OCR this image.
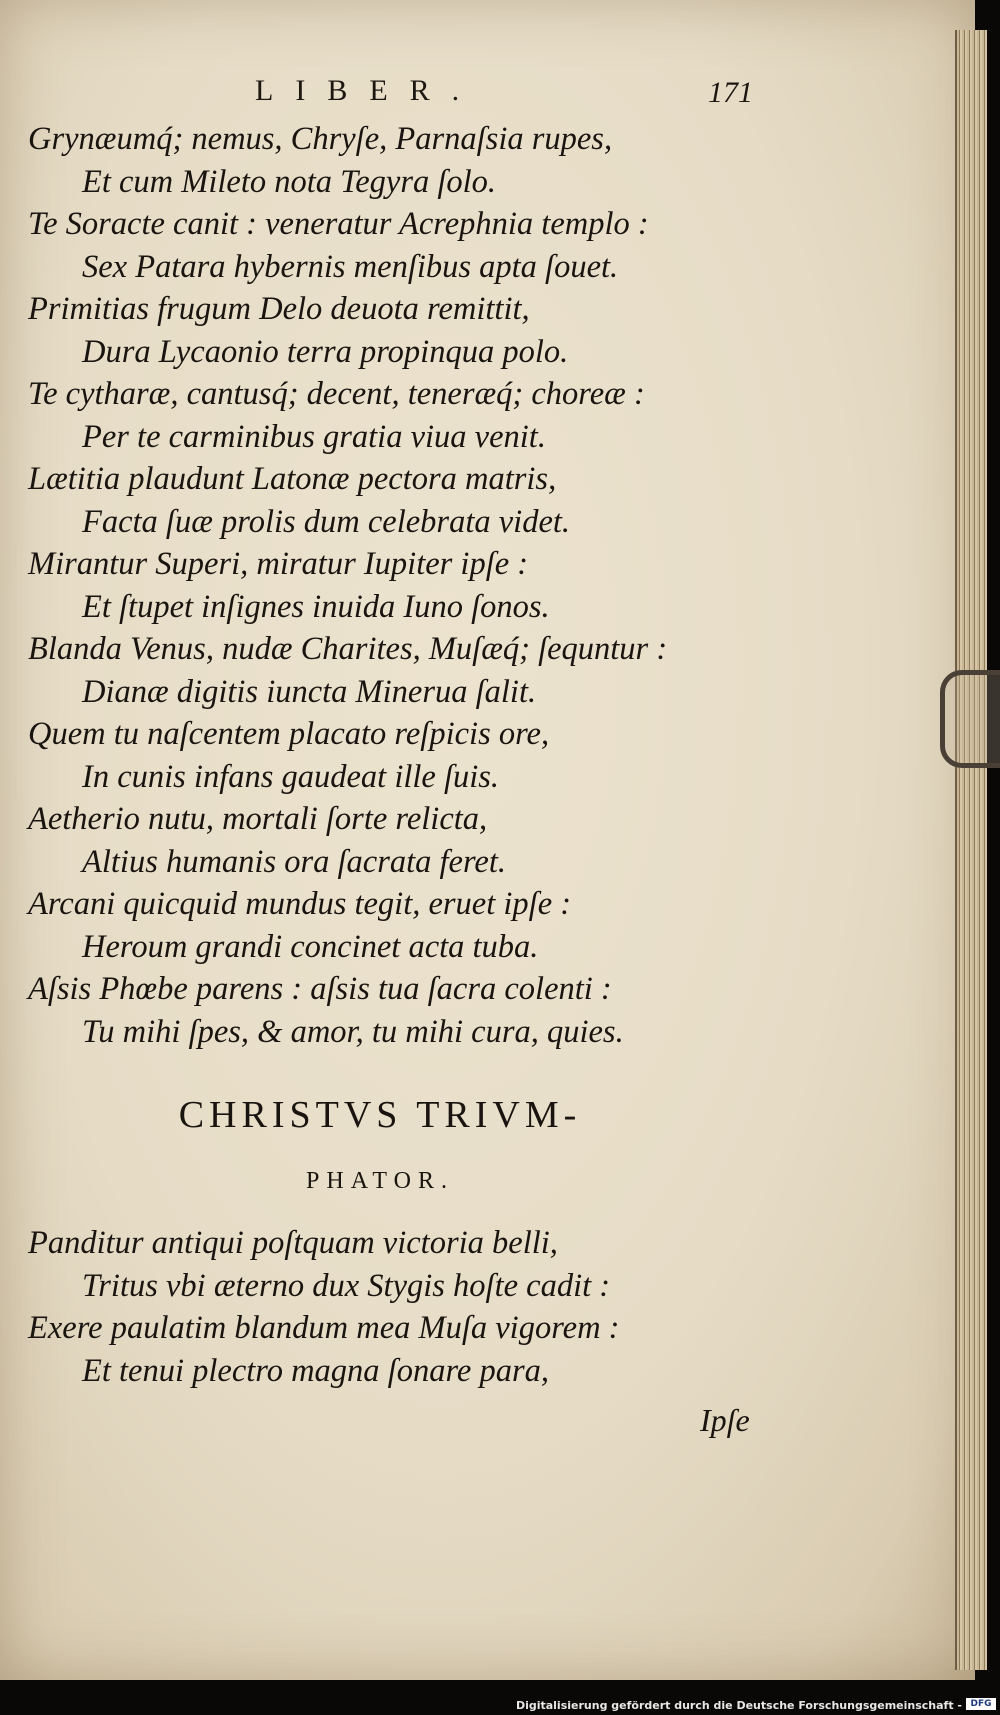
LIBER.	171
Grynæumq́; nemus, Chryſe, Parnaſsia rupes,
Et cum Mileto nota Tegyra ſolo.
Te Soracte canit : veneratur Acrephnia templo :
Sex Patara hybernis menſibus apta ſouet.
Primitias frugum Delo deuota remittit,
Dura Lycaonio terra propinqua polo.
Te cytharæ, cantusq́; decent, teneræq́; choreæ :
Per te carminibus gratia viua venit.
Lætitia plaudunt Latonæ pectora matris,
Facta ſuæ prolis dum celebrata videt.
Mirantur Superi, miratur Iupiter ipſe :
Et ſtupet inſignes inuida Iuno ſonos.
Blanda Venus, nudæ Charites, Muſæq́; ſequntur :
Dianæ digitis iuncta Minerua ſalit.
Quem tu naſcentem placato reſpicis ore,
In cunis infans gaudeat ille ſuis.
Aetherio nutu, mortali ſorte relicta,
Altius humanis ora ſacrata feret.
Arcani quicquid mundus tegit, eruet ipſe :
Heroum grandi concinet acta tuba.
Aſsis Phœbe parens : aſsis tua ſacra colenti :
Tu mihi ſpes, & amor, tu mihi cura, quies.
CHRISTVS TRIVM-
PHATOR.
Panditur antiqui poſtquam victoria belli,
Tritus vbi æterno dux Stygis hoſte cadit :
Exere paulatim blandum mea Muſa vigorem :
Et tenui plectro magna ſonare para,
Ipſe
Digitalisierung gefördert durch die Deutsche Forschungsgemeinschaft - DFG
